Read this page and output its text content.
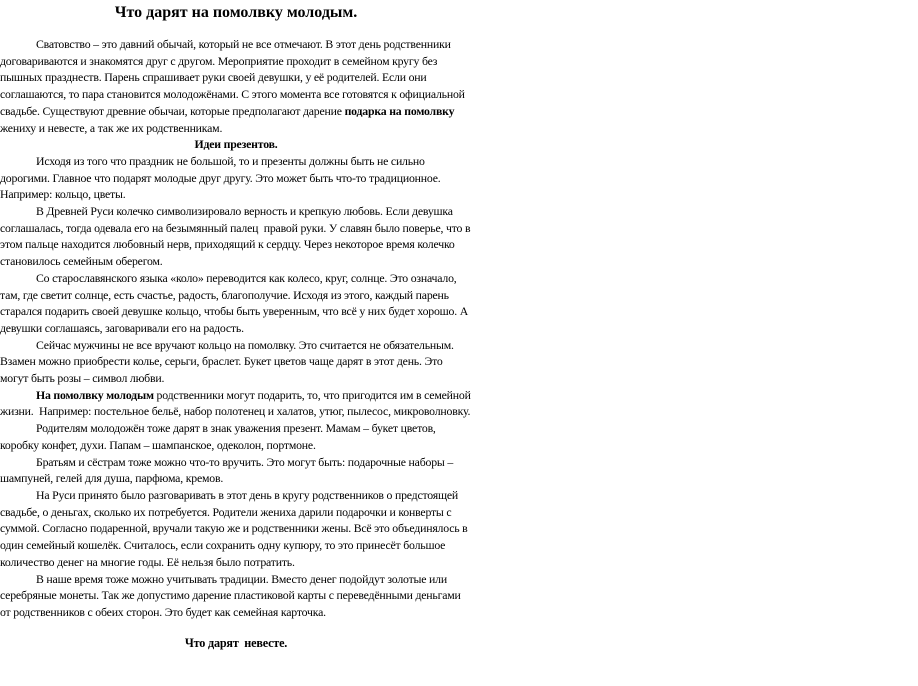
Что дарят на помолвку молодым.

Сватовство – это давний обычай, который не все отмечают. В этот день родственники договариваются и знакомятся друг с другом. Мероприятие проходит в семейном кругу без пышных празднеств. Парень спрашивает руки своей девушки, у её родителей. Если они соглашаются, то пара становится молодожёнами. С этого момента все готовятся к официальной свадьбе. Существуют древние обычаи, которые предполагают дарение подарка на помолвку жениху и невесте, а так же их родственникам.

Идеи презентов.

Исходя из того что праздник не большой, то и презенты должны быть не сильно дорогими. Главное что подарят молодые друг другу. Это может быть что-то традиционное. Например: кольцо, цветы.

В Древней Руси колечко символизировало верность и крепкую любовь. Если девушка соглашалась, тогда одевала его на безымянный палец  правой руки. У славян было поверье, что в этом пальце находится любовный нерв, приходящий к сердцу. Через некоторое время колечко становилось семейным оберегом.

Со старославянского языка «коло» переводится как колесо, круг, солнце. Это означало, там, где светит солнце, есть счастье, радость, благополучие. Исходя из этого, каждый парень старался подарить своей девушке кольцо, чтобы быть уверенным, что всё у них будет хорошо. А девушки соглашаясь, заговаривали его на радость.

Сейчас мужчины не все вручают кольцо на помолвку. Это считается не обязательным. Взамен можно приобрести колье, серьги, браслет. Букет цветов чаще дарят в этот день. Это могут быть розы – символ любви.

На помолвку молодым родственники могут подарить, то, что пригодится им в семейной жизни.  Например: постельное бельё, набор полотенец и халатов, утюг, пылесос, микроволновку.

Родителям молодожён тоже дарят в знак уважения презент. Мамам – букет цветов, коробку конфет, духи. Папам – шампанское, одеколон, портмоне.

Братьям и сёстрам тоже можно что-то вручить. Это могут быть: подарочные наборы – шампуней, гелей для душа, парфюма, кремов.

На Руси принято было разговаривать в этот день в кругу родственников о предстоящей свадьбе, о деньгах, сколько их потребуется. Родители жениха дарили подарочки и конверты с суммой. Согласно подаренной, вручали такую же и родственники жены. Всё это объединялось в один семейный кошелёк. Считалось, если сохранить одну купюру, то это принесёт большое количество денег на многие годы. Её нельзя было потратить.

В наше время тоже можно учитывать традиции. Вместо денег подойдут золотые или серебряные монеты. Так же допустимо дарение пластиковой карты с переведёнными деньгами от родственников с обеих сторон. Это будет как семейная карточка.

Что дарят  невесте.
